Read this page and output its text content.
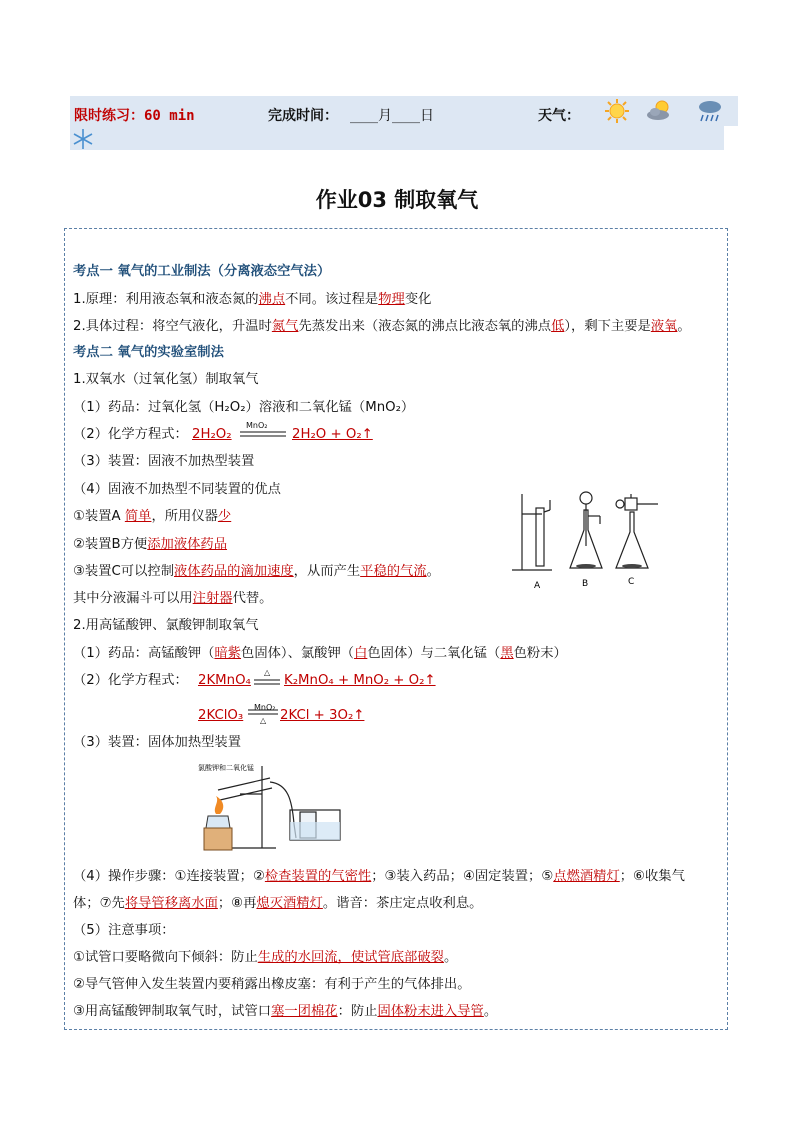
限时练习：60 min	完成时间： ____月____日	天气：
作业03 制取氧气
考点一 氧气的工业制法（分离液态空气法）
1.原理：利用液态氧和液态氮的沸点不同。该过程是物理变化
2.具体过程：将空气液化，升温时氮气先蒸发出来（液态氮的沸点比液态氧的沸点低），剩下主要是液氧。
考点二 氧气的实验室制法
1.双氧水（过氧化氢）制取氧气
（1）药品：过氧化氢（H₂O₂）溶液和二氧化锰（MnO₂）
（2）化学方程式： 2H₂O₂
MnO₂
2H₂O + O₂↑
（3）装置：固液不加热型装置
（4）固液不加热型不同装置的优点
①装置A 简单，所用仪器少
②装置B方便添加液体药品
③装置C可以控制液体药品的滴加速度，从而产生平稳的气流。
其中分液漏斗可以用注射器代替。
A	B	C
2.用高锰酸钾、氯酸钾制取氧气
（1）药品：高锰酸钾（暗紫色固体）、氯酸钾（白色固体）与二氧化锰（黑色粉末）
（2）化学方程式： 2KMnO₄
△
K₂MnO₄ + MnO₂ + O₂↑
2KClO₃
MnO₂
△ 2KCl + 3O₂↑
（3）装置：固体加热型装置
氯酸钾和二氧化锰
（4）操作步骤：①连接装置；②检查装置的气密性；③装入药品；④固定装置；⑤点燃酒精灯；⑥收集气
体；⑦先将导管移离水面；⑧再熄灭酒精灯。谐音：茶庄定点收利息。
（5）注意事项：
①试管口要略微向下倾斜：防止生成的水回流，使试管底部破裂。
②导气管伸入发生装置内要稍露出橡皮塞：有利于产生的气体排出。
③用高锰酸钾制取氧气时，试管口塞一团棉花：防止固体粉末进入导管。
